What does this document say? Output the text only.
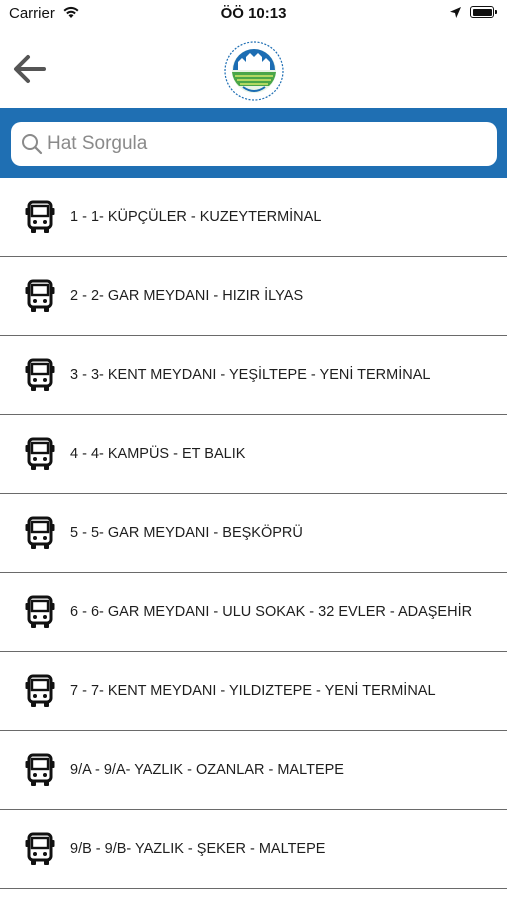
Carrier	ÖÖ 10:13
Hat Sorgula
1 - 1- KÜPÇÜLER - KUZEYTERMİNAL
2 - 2- GAR MEYDANI - HIZIR İLYAS
3 - 3- KENT MEYDANI - YEŞİLTEPE - YENİ TERMİNAL
4 - 4- KAMPÜS - ET BALIK
5 - 5- GAR MEYDANI - BEŞKÖPRÜ
6 - 6- GAR MEYDANI - ULU SOKAK - 32 EVLER - ADAŞEHİR
7 - 7- KENT MEYDANI - YILDIZTEPE - YENİ TERMİNAL
9/A - 9/A- YAZLIK - OZANLAR - MALTEPE
9/B - 9/B- YAZLIK - ŞEKER - MALTEPE
